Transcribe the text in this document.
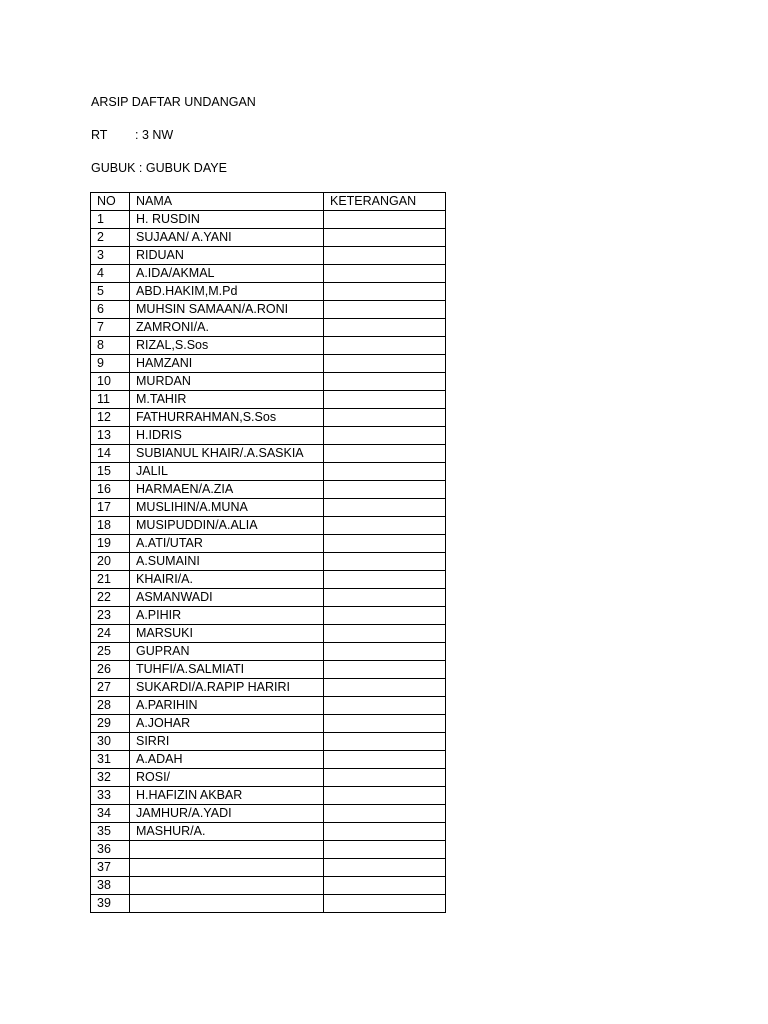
ARSIP DAFTAR UNDANGAN
RT : 3 NW
GUBUK : GUBUK DAYE
NO	NAMA	KETERANGAN
1	H. RUSDIN	
2	SUJAAN/ A.YANI	
3	RIDUAN	
4	A.IDA/AKMAL	
5	ABD.HAKIM,M.Pd	
6	MUHSIN SAMAAN/A.RONI	
7	ZAMRONI/A.	
8	RIZAL,S.Sos	
9	HAMZANI	
10	MURDAN	
11	M.TAHIR	
12	FATHURRAHMAN,S.Sos	
13	H.IDRIS	
14	SUBIANUL KHAIR/.A.SASKIA	
15	JALIL	
16	HARMAEN/A.ZIA	
17	MUSLIHIN/A.MUNA	
18	MUSIPUDDIN/A.ALIA	
19	A.ATI/UTAR	
20	A.SUMAINI	
21	KHAIRI/A.	
22	ASMANWADI	
23	A.PIHIR	
24	MARSUKI	
25	GUPRAN	
26	TUHFI/A.SALMIATI	
27	SUKARDI/A.RAPIP HARIRI	
28	A.PARIHIN	
29	A.JOHAR	
30	SIRRI	
31	A.ADAH	
32	ROSI/	
33	H.HAFIZIN AKBAR	
34	JAMHUR/A.YADI	
35	MASHUR/A.	
36		
37		
38		
39		
